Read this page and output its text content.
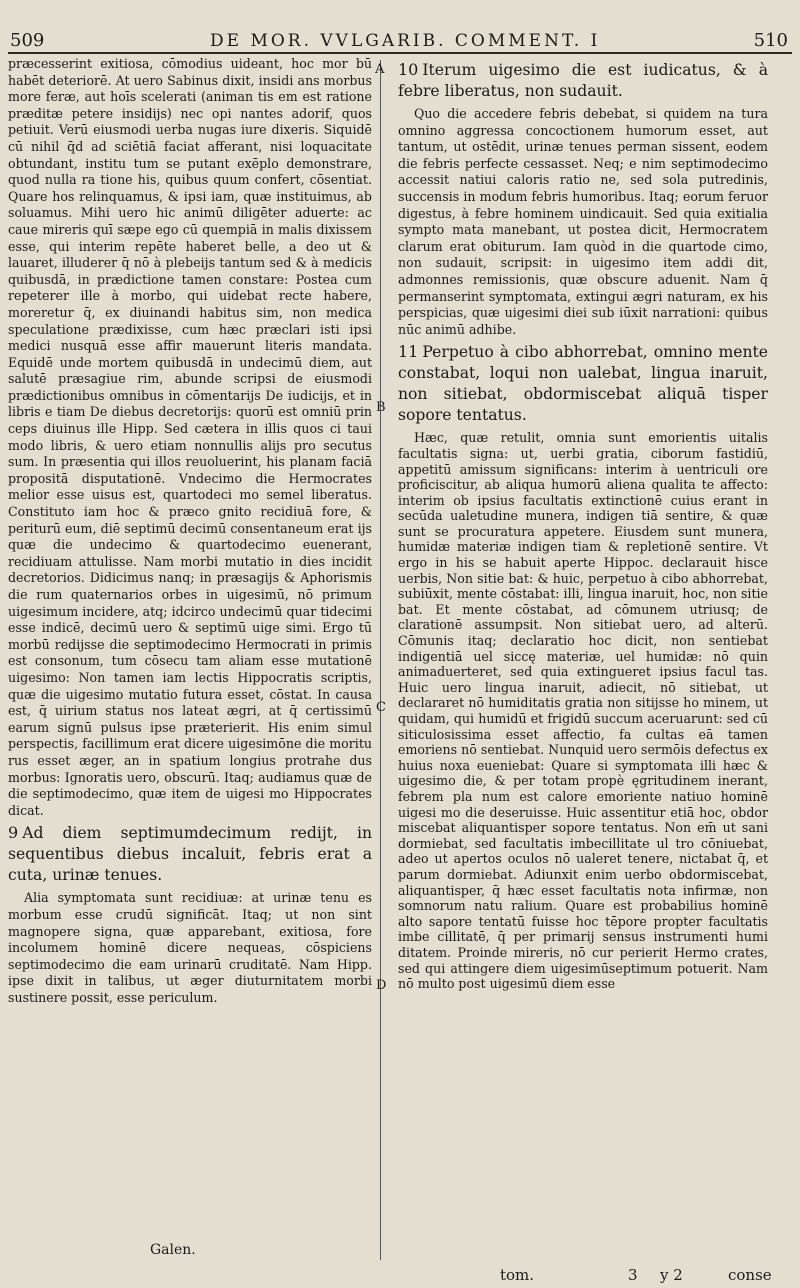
509	DE MOR. VVLGARIB. COMMENT. I	510
A
B
C
D

præcesserint exitiosa, cōmodius uideant, hoc mor bū habēt deteriorē. At uero Sabinus dixit, insidi ans morbus more feræ, aut hoīs scelerati (animan tis em est ratione præditæ petere insidijs) nec opi nantes adorif, quos petiuit. Verū eiusmodi uerba nugas iure dixeris. Siquidē cū nihil q̄d ad sciētiā faciat afferant, nisi loquacitate obtundant, institu tum se putant exēplo demonstrare, quod nulla ra tione his, quibus quum confert, cōsentiat. Quare hos relinquamus, & ipsi iam, quæ instituimus, ab soluamus. Mihi uero hic animū diligēter aduerte: ac caue mireris quī sæpe ego cū quempiā in malis dixissem esse, qui interim repēte haberet belle, a deo ut & lauaret, illuderer q̄ nō à plebeijs tantum sed & à medicis quibusdā, in prædictione tamen constare: Postea cum repeterer ille à morbo, qui uidebat recte habere, moreretur q̄, ex diuinandi habitus sim, non medica speculatione prædixisse, cum hæc præclari isti ipsi medici nusquā esse affir mauerunt literis mandata. Equidē unde mortem quibusdā in undecimū diem, aut salutē præsagiue rim, abunde scripsi de eiusmodi prædictionibus omnibus in cōmentarijs De iudicijs, et in libris e tiam De diebus decretorijs: quorū est omniū prin ceps diuinus ille Hipp. Sed cætera in illis quos ci taui modo libris, & uero etiam nonnullis alijs pro secutus sum. In præsentia qui illos reuoluerint, his planam faciā propositā disputationē. Vndecimo die Hermocrates melior esse uisus est, quartodeci mo semel liberatus. Constituto iam hoc & præco gnito recidiuā fore, & periturū eum, diē septimū decimū consentaneum erat ijs quæ die undecimo & quartodecimo euenerant, recidiuam attulisse. Nam morbi mutatio in dies incidit decretorios. Didicimus nanq; in præsagijs & Aphorismis die rum quaternarios orbes in uigesimū, nō primum uigesimum incidere, atq; idcirco undecimū quar tidecimi esse indicē, decimū uero & septimū uige simi. Ergo tū morbū redijsse die septimodecimo Hermocrati in primis est consonum, tum cōsecu tam aliam esse mutationē uigesimo: Non tamen iam lectis Hippocratis scriptis, quæ die uigesimo mutatio futura esset, cōstat. In causa est, q̄ uirium status nos lateat ægri, at q̄ certissimū earum signū pulsus ipse præterierit. His enim simul perspectis, facillimum erat dicere uigesimōne die moritu rus esset æger, an in spatium longius protrahe dus morbus: Ignoratis uero, obscurū. Itaq; audiamus quæ de die septimodecimo, quæ item de uigesi mo Hippocrates dicat.

9 Ad diem septimumdecimum redijt, in sequentibus diebus incaluit, febris erat a cuta, urinæ tenues.

Alia symptomata sunt recidiuæ: at urinæ tenu es morbum esse crudū significāt. Itaq; ut non sint magnopere signa, quæ apparebant, exitiosa, fore incolumem hominē dicere nequeas, cōspiciens septimodecimo die eam urinarū cruditatē. Nam Hipp. ipse dixit in talibus, ut æger diuturnitatem morbi sustinere possit, esse periculum.

Galen.

10 Iterum uigesimo die est iudicatus, & à febre liberatus, non sudauit.

Quo die accedere febris debebat, si quidem na tura omnino aggressa concoctionem humorum esset, aut tantum, ut ostēdit, urinæ tenues perman sissent, eodem die febris perfecte cessasset. Neq; e nim septimodecimo accessit natiui caloris ratio ne, sed sola putredinis, succensis in modum febris humoribus. Itaq; eorum feruor digestus, à febre hominem uindicauit. Sed quia exitialia sympto mata manebant, ut postea dicit, Hermocratem clarum erat obiturum. Iam quòd in die quartode cimo, non sudauit, scripsit: in uigesimo item addi dit, admonnes remissionis, quæ obscure aduenit. Nam q̄ permanserint symptomata, extingui ægri naturam, ex his perspicias, quæ uigesimi diei sub iūxit narrationi: quibus nūc animū adhibe.

11 Perpetuo à cibo abhorrebat, omnino mente constabat, loqui non ualebat, lingua inaruit, non sitiebat, obdormiscebat aliquā tisper sopore tentatus.

Hæc, quæ retulit, omnia sunt emorientis uitalis facultatis signa: ut, uerbi gratia, ciborum fastidiū, appetitū amissum significans: interim à uentriculi ore proficiscitur, ab aliqua humorū aliena qualita te affecto: interim ob ipsius facultatis extinctionē cuius erant in secūda ualetudine munera, indigen tiā sentire, & quæ sunt se procuratura appetere. Eiusdem sunt munera, humidæ materiæ indigen tiam & repletionē sentire. Vt ergo in his se habuit aperte Hippoc. declarauit hisce uerbis, Non sitie bat: & huic, perpetuo à cibo abhorrebat, subiūxit, mente cōstabat: illi, lingua inaruit, hoc, non sitie bat. Et mente cōstabat, ad cōmunem utriusq; de clarationē assumpsit. Non sitiebat uero, ad alterū. Cōmunis itaq; declaratio hoc dicit, non sentiebat indigentiā uel siccę materiæ, uel humidæ: nō quin animaduerteret, sed quia extingueret ipsius facul tas. Huic uero lingua inaruit, adiecit, nō sitiebat, ut declararet nō humiditatis gratia non sitijsse ho minem, ut quidam, qui humidū et frigidū succum aceruarunt: sed cū siticulosissima esset affectio, fa cultas eā tamen emoriens nō sentiebat. Nunquid uero sermōis defectus ex huius noxa eueniebat: Quare si symptomata illi hæc & uigesimo die, & per totam propè ęgritudinem inerant, febrem pla num est calore emoriente natiuo hominē uigesi mo die deseruisse. Huic assentitur etiā hoc, obdor miscebat aliquantisper sopore tentatus. Non em̄ ut sani dormiebat, sed facultatis imbecillitate ul tro cōniuebat, adeo ut apertos oculos nō ualeret tenere, nictabat q̄, et parum dormiebat. Adiunxit enim uerbo obdormiscebat, aliquantisper, q̄ hæc esset facultatis nota infirmæ, non somnorum natu ralium. Quare est probabilius hominē alto sapore tentatū fuisse hoc tēpore propter facultatis imbe cillitatē, q̄ per primarij sensus instrumenti humi ditatem. Proinde mireris, nō cur perierit Hermo crates, sed qui attingere diem uigesimūseptimum potuerit. Nam nō multo post uigesimū diem esse

tom.	3 y 2	conse
